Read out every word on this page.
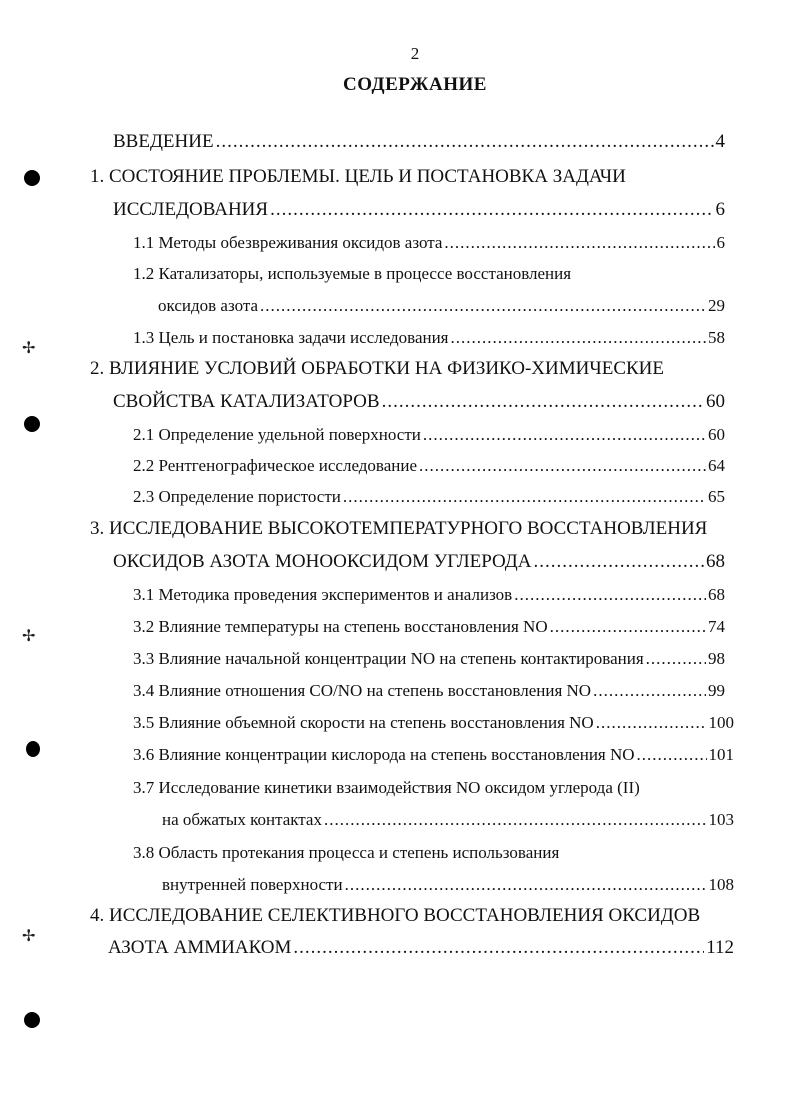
2
СОДЕРЖАНИЕ
✢
✢
✢
ВВЕДЕНИЕ .....	4
1. СОСТОЯНИЕ ПРОБЛЕМЫ. ЦЕЛЬ И ПОСТАНОВКА ЗАДАЧИ
ИССЛЕДОВАНИЯ .....	6
1.1 Методы обезвреживания оксидов азота .....	6
1.2 Катализаторы, используемые в процессе восстановления
оксидов азота .....	29
1.3 Цель и постановка задачи исследования .....	58
2. ВЛИЯНИЕ УСЛОВИЙ ОБРАБОТКИ НА ФИЗИКО-ХИМИЧЕСКИЕ
СВОЙСТВА КАТАЛИЗАТОРОВ .....	60
2.1 Определение удельной поверхности .....	60
2.2 Рентгенографическое исследование .....	64
2.3 Определение пористости .....	65
3. ИССЛЕДОВАНИЕ ВЫСОКОТЕМПЕРАТУРНОГО ВОССТАНОВЛЕНИЯ
ОКСИДОВ АЗОТА МОНООКСИДОМ УГЛЕРОДА .....	68
3.1 Методика проведения экспериментов и анализов .....	68
3.2 Влияние температуры на степень восстановления NO .....	74
3.3 Влияние начальной концентрации NO на степень контактирования .....	98
3.4 Влияние отношения CO/NO на степень восстановления NO .....	99
3.5 Влияние объемной скорости на степень восстановления NO .....	100
3.6 Влияние концентрации кислорода на степень восстановления NO .....	101
3.7 Исследование кинетики взаимодействия NO оксидом углерода (II)
на обжатых контактах .....	103
3.8 Область протекания процесса и степень использования
внутренней поверхности .....	108
4. ИССЛЕДОВАНИЕ СЕЛЕКТИВНОГО ВОССТАНОВЛЕНИЯ ОКСИДОВ
АЗОТА АММИАКОМ .....	112
